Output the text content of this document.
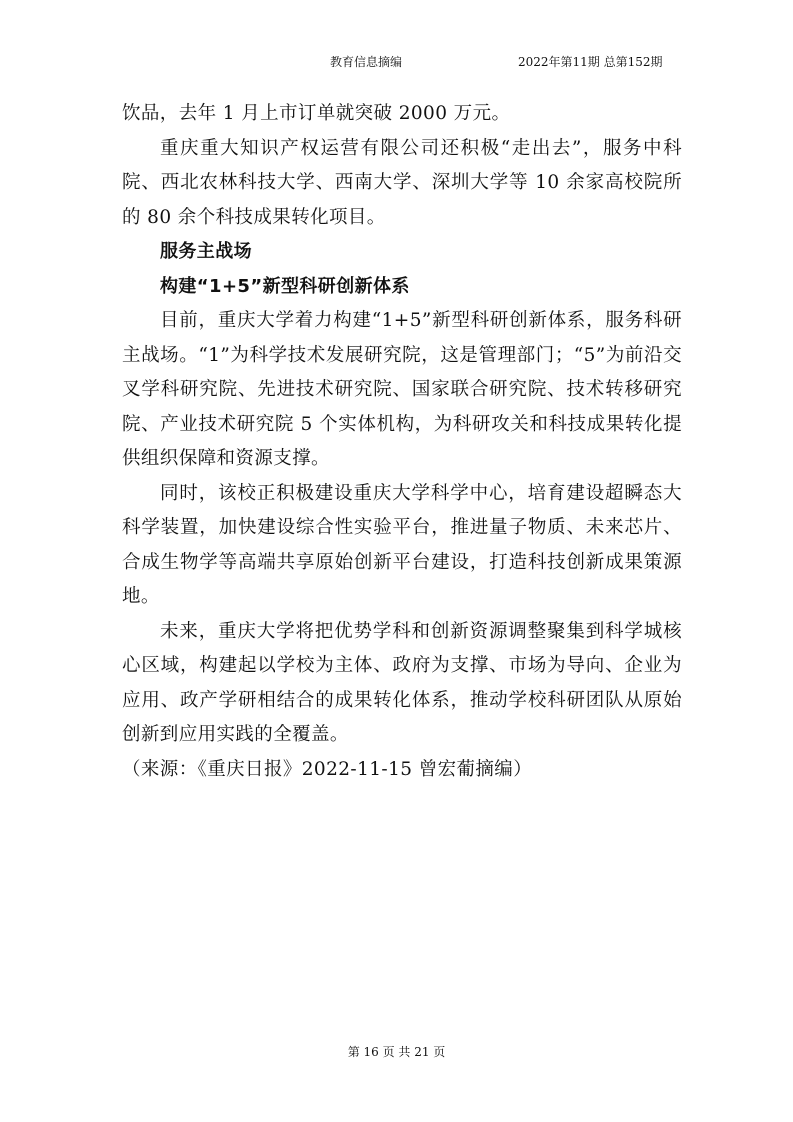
教育信息摘编	2022年第11期 总第152期

饮品，去年 1 月上市订单就突破 2000 万元。

重庆重大知识产权运营有限公司还积极“走出去”，服务中科院、西北农林科技大学、西南大学、深圳大学等 10 余家高校院所的 80 余个科技成果转化项目。

服务主战场

构建“1+5”新型科研创新体系

目前，重庆大学着力构建“1+5”新型科研创新体系，服务科研主战场。“1”为科学技术发展研究院，这是管理部门；“5”为前沿交叉学科研究院、先进技术研究院、国家联合研究院、技术转移研究院、产业技术研究院 5 个实体机构，为科研攻关和科技成果转化提供组织保障和资源支撑。

同时，该校正积极建设重庆大学科学中心，培育建设超瞬态大科学装置，加快建设综合性实验平台，推进量子物质、未来芯片、合成生物学等高端共享原始创新平台建设，打造科技创新成果策源地。

未来，重庆大学将把优势学科和创新资源调整聚集到科学城核心区域，构建起以学校为主体、政府为支撑、市场为导向、企业为应用、政产学研相结合的成果转化体系，推动学校科研团队从原始创新到应用实践的全覆盖。

（来源：《重庆日报》2022-11-15 曾宏葡摘编）

第 16 页 共 21 页
